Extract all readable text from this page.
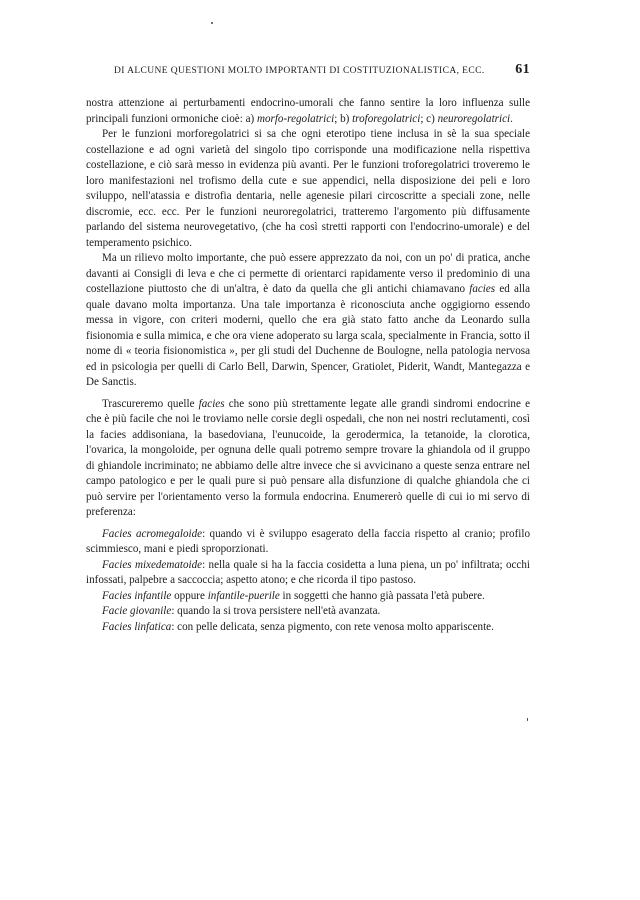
DI ALCUNE QUESTIONI MOLTO IMPORTANTI DI COSTITUZIONALISTICA, ECC. 61

nostra attenzione ai perturbamenti endocrino-umorali che fanno sentire la loro influenza sulle principali funzioni ormoniche cioè: a) morfo-regolatrici; b) troforegolatrici; c) neuroregolatrici.

Per le funzioni morforegolatrici si sa che ogni eterotipo tiene inclusa in sè la sua speciale costellazione e ad ogni varietà del singolo tipo corrisponde una modificazione nella rispettiva costellazione, e ciò sarà messo in evidenza più avanti. Per le funzioni troforegolatrici troveremo le loro manifestazioni nel trofismo della cute e sue appendici, nella disposizione dei peli e loro sviluppo, nell'atassia e distrofia dentaria, nelle agenesie pilari circoscritte a speciali zone, nelle discromie, ecc. ecc. Per le funzioni neuroregolatrici, tratteremo l'argomento più diffusamente parlando del sistema neurovegetativo, (che ha così stretti rapporti con l'endocrino-umorale) e del temperamento psichico.

Ma un rilievo molto importante, che può essere apprezzato da noi, con un po' di pratica, anche davanti ai Consigli di leva e che ci permette di orientarci rapidamente verso il predominio di una costellazione piuttosto che di un'altra, è dato da quella che gli antichi chiamavano facies ed alla quale davano molta importanza. Una tale importanza è riconosciuta anche oggigiorno essendo messa in vigore, con criteri moderni, quello che era già stato fatto anche da Leonardo sulla fisionomia e sulla mimica, e che ora viene adoperato su larga scala, specialmente in Francia, sotto il nome di « teoria fisionomistica », per gli studi del Duchenne de Boulogne, nella patologia nervosa ed in psicologia per quelli di Carlo Bell, Darwin, Spencer, Gratiolet, Piderit, Wandt, Mantegazza e De Sanctis.

Trascureremo quelle facies che sono più strettamente legate alle grandi sindromi endocrine e che è più facile che noi le troviamo nelle corsie degli ospedali, che non nei nostri reclutamenti, così la facies addisoniana, la basedoviana, l'eunucoide, la gerodermica, la tetanoide, la clorotica, l'ovarica, la mongoloide, per ognuna delle quali potremo sempre trovare la ghiandola od il gruppo di ghiandole incriminato; ne abbiamo delle altre invece che si avvicinano a queste senza entrare nel campo patologico e per le quali pure si può pensare alla disfunzione di qualche ghiandola che ci può servire per l'orientamento verso la formula endocrina. Enumererò quelle di cui io mi servo di preferenza:

Facies acromegaloide: quando vi è sviluppo esagerato della faccia rispetto al cranio; profilo scimmiesco, mani e piedi sproporzionati.

Facies mixedematoide: nella quale si ha la faccia cosidetta a luna piena, un po' infiltrata; occhi infossati, palpebre a saccoccia; aspetto atono; e che ricorda il tipo pastoso.

Facies infantile oppure infantile-puerile in soggetti che hanno già passata l'età pubere.

Facie giovanile: quando la si trova persistere nell'età avanzata.

Facies linfatica: con pelle delicata, senza pigmento, con rete venosa molto appariscente.
